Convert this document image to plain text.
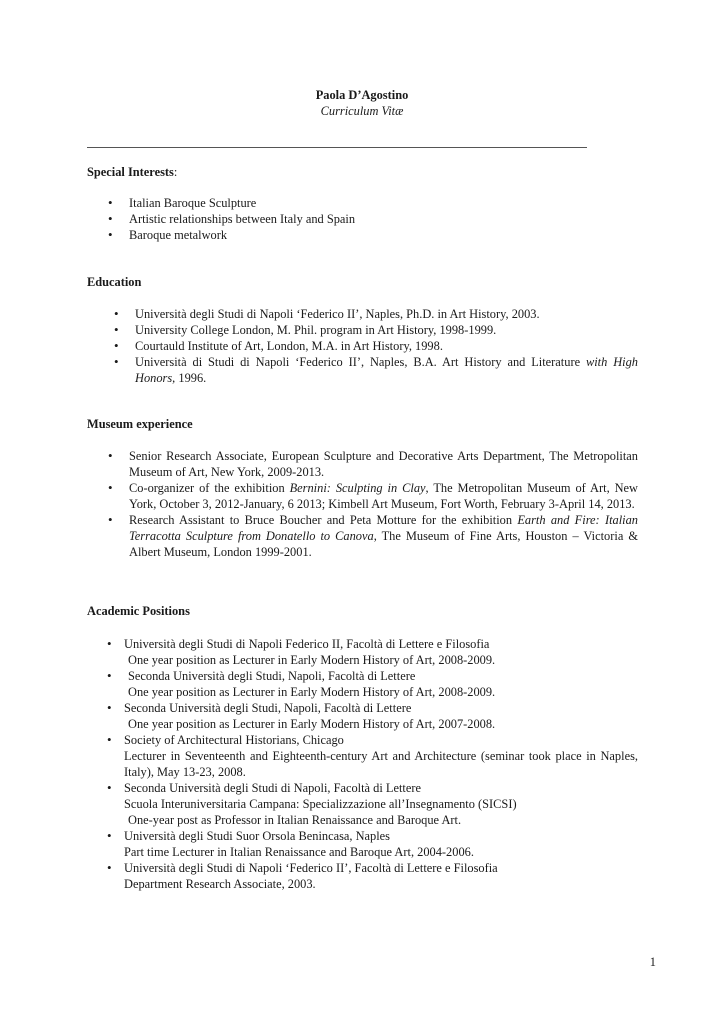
Paola D’Agostino
Curriculum Vitæ
Special Interests:
• Italian Baroque Sculpture
• Artistic relationships between Italy and Spain
• Baroque metalwork
Education
• Università degli Studi di Napoli ‘Federico II’, Naples, Ph.D. in Art History, 2003.
• University College London, M. Phil. program in Art History, 1998-1999.
• Courtauld Institute of Art, London, M.A. in Art History, 1998.
• Università di Studi di Napoli ‘Federico II’, Naples, B.A. Art History and Literature with High Honors, 1996.
Museum experience
• Senior Research Associate, European Sculpture and Decorative Arts Department, The Metropolitan Museum of Art, New York, 2009-2013.
• Co-organizer of the exhibition Bernini: Sculpting in Clay, The Metropolitan Museum of Art, New York, October 3, 2012-January, 6 2013; Kimbell Art Museum, Fort Worth, February 3-April 14, 2013.
• Research Assistant to Bruce Boucher and Peta Motture for the exhibition Earth and Fire: Italian Terracotta Sculpture from Donatello to Canova, The Museum of Fine Arts, Houston – Victoria & Albert Museum, London 1999-2001.
Academic Positions
• Università degli Studi di Napoli Federico II, Facoltà di Lettere e Filosofia
One year position as Lecturer in Early Modern History of Art, 2008-2009.
•	Seconda Università degli Studi, Napoli, Facoltà di Lettere
One year position as Lecturer in Early Modern History of Art, 2008-2009.
• Seconda Università degli Studi, Napoli, Facoltà di Lettere
One year position as Lecturer in Early Modern History of Art, 2007-2008.
• Society of Architectural Historians, Chicago
Lecturer in Seventeenth and Eighteenth-century Art and Architecture (seminar took place in Naples, Italy), May 13-23, 2008.
• Seconda Università degli Studi di Napoli, Facoltà di Lettere
Scuola Interuniversitaria Campana: Specializzazione all’Insegnamento (SICSI)
One-year post as Professor in Italian Renaissance and Baroque Art.
• Università degli Studi Suor Orsola Benincasa, Naples
Part time Lecturer in Italian Renaissance and Baroque Art, 2004-2006.
• Università degli Studi di Napoli ‘Federico II’, Facoltà di Lettere e Filosofia
Department Research Associate, 2003.
1
